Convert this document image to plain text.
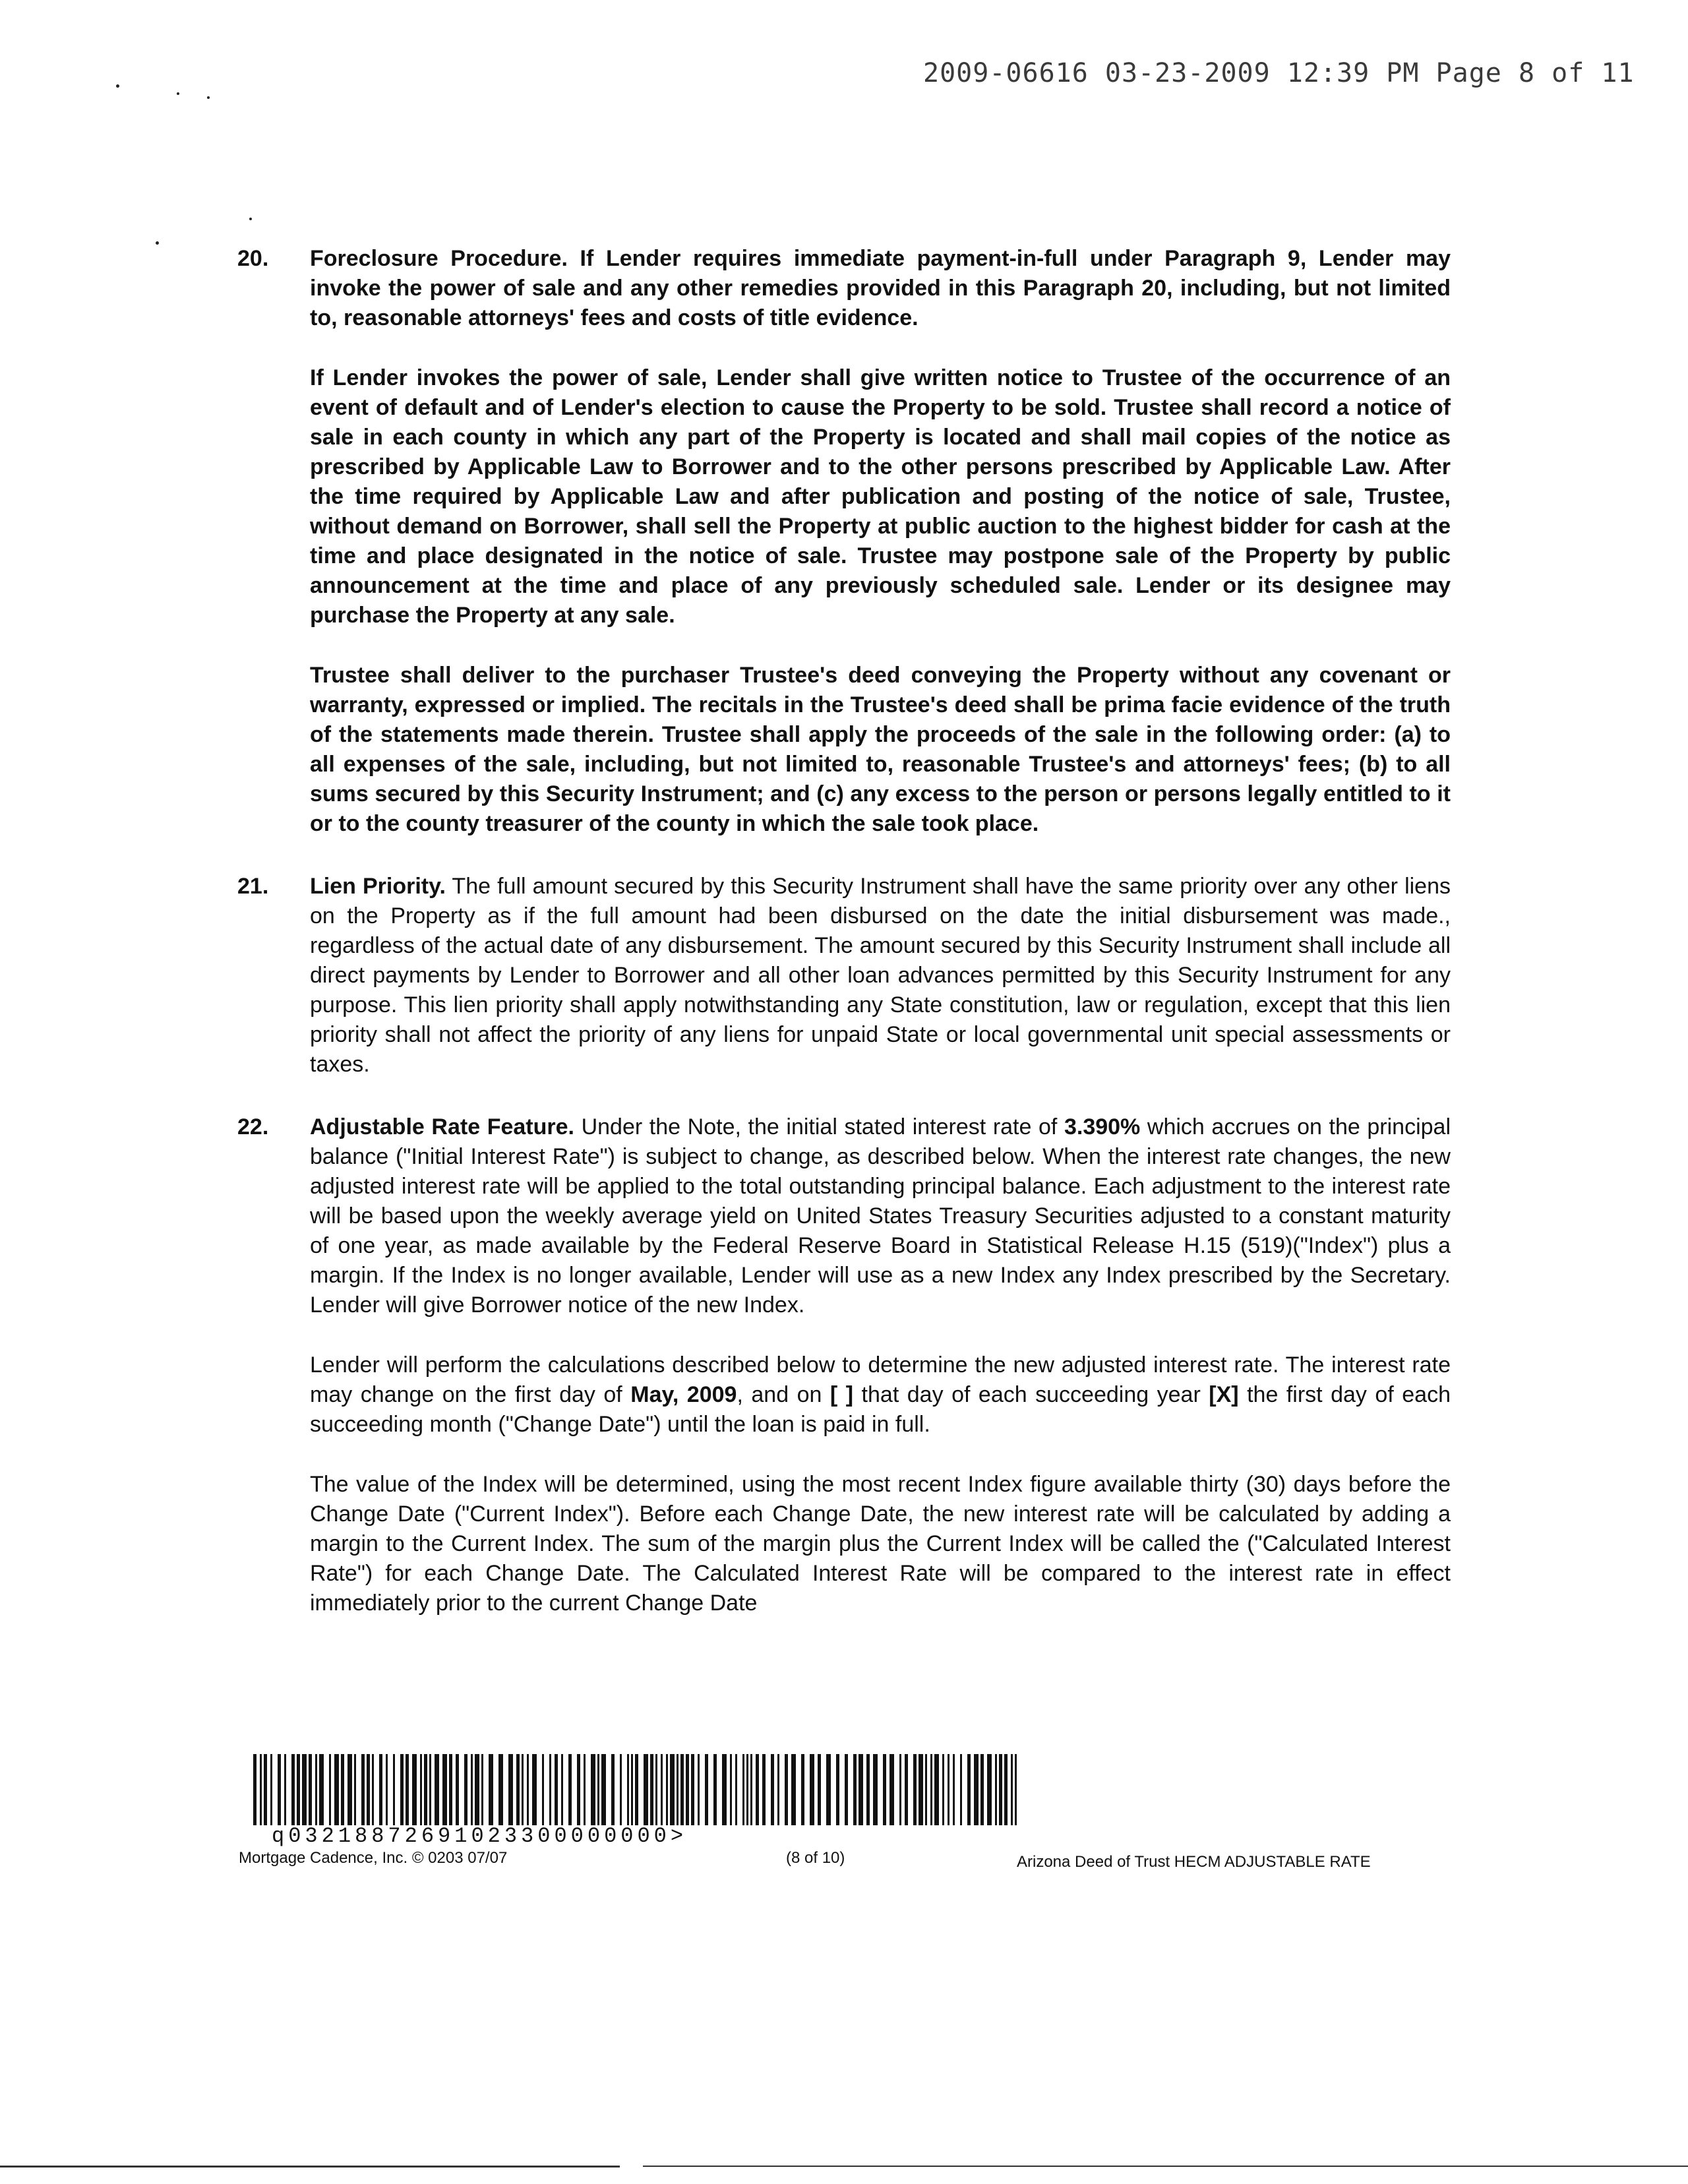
2009-06616 03-23-2009 12:39 PM Page 8 of 11
20. Foreclosure Procedure. If Lender requires immediate payment-in-full under Paragraph 9, Lender may invoke the power of sale and any other remedies provided in this Paragraph 20, including, but not limited to, reasonable attorneys' fees and costs of title evidence.

If Lender invokes the power of sale, Lender shall give written notice to Trustee of the occurrence of an event of default and of Lender's election to cause the Property to be sold. Trustee shall record a notice of sale in each county in which any part of the Property is located and shall mail copies of the notice as prescribed by Applicable Law to Borrower and to the other persons prescribed by Applicable Law. After the time required by Applicable Law and after publication and posting of the notice of sale, Trustee, without demand on Borrower, shall sell the Property at public auction to the highest bidder for cash at the time and place designated in the notice of sale. Trustee may postpone sale of the Property by public announcement at the time and place of any previously scheduled sale. Lender or its designee may purchase the Property at any sale.

Trustee shall deliver to the purchaser Trustee's deed conveying the Property without any covenant or warranty, expressed or implied. The recitals in the Trustee's deed shall be prima facie evidence of the truth of the statements made therein. Trustee shall apply the proceeds of the sale in the following order: (a) to all expenses of the sale, including, but not limited to, reasonable Trustee's and attorneys' fees; (b) to all sums secured by this Security Instrument; and (c) any excess to the person or persons legally entitled to it or to the county treasurer of the county in which the sale took place.

21. Lien Priority. The full amount secured by this Security Instrument shall have the same priority over any other liens on the Property as if the full amount had been disbursed on the date the initial disbursement was made., regardless of the actual date of any disbursement. The amount secured by this Security Instrument shall include all direct payments by Lender to Borrower and all other loan advances permitted by this Security Instrument for any purpose. This lien priority shall apply notwithstanding any State constitution, law or regulation, except that this lien priority shall not affect the priority of any liens for unpaid State or local governmental unit special assessments or taxes.

22. Adjustable Rate Feature. Under the Note, the initial stated interest rate of 3.390% which accrues on the principal balance ("Initial Interest Rate") is subject to change, as described below. When the interest rate changes, the new adjusted interest rate will be applied to the total outstanding principal balance. Each adjustment to the interest rate will be based upon the weekly average yield on United States Treasury Securities adjusted to a constant maturity of one year, as made available by the Federal Reserve Board in Statistical Release H.15 (519)("Index") plus a margin. If the Index is no longer available, Lender will use as a new Index any Index prescribed by the Secretary. Lender will give Borrower notice of the new Index.

Lender will perform the calculations described below to determine the new adjusted interest rate. The interest rate may change on the first day of May, 2009, and on [ ] that day of each succeeding year [X] the first day of each succeeding month ("Change Date") until the loan is paid in full.

The value of the Index will be determined, using the most recent Index figure available thirty (30) days before the Change Date ("Current Index"). Before each Change Date, the new interest rate will be calculated by adding a margin to the Current Index. The sum of the margin plus the Current Index will be called the ("Calculated Interest Rate") for each Change Date. The Calculated Interest Rate will be compared to the interest rate in effect immediately prior to the current Change Date

q03218872691023300000000>
Mortgage Cadence, Inc. © 0203 07/07	(8 of 10)	Arizona Deed of Trust HECM ADJUSTABLE RATE
